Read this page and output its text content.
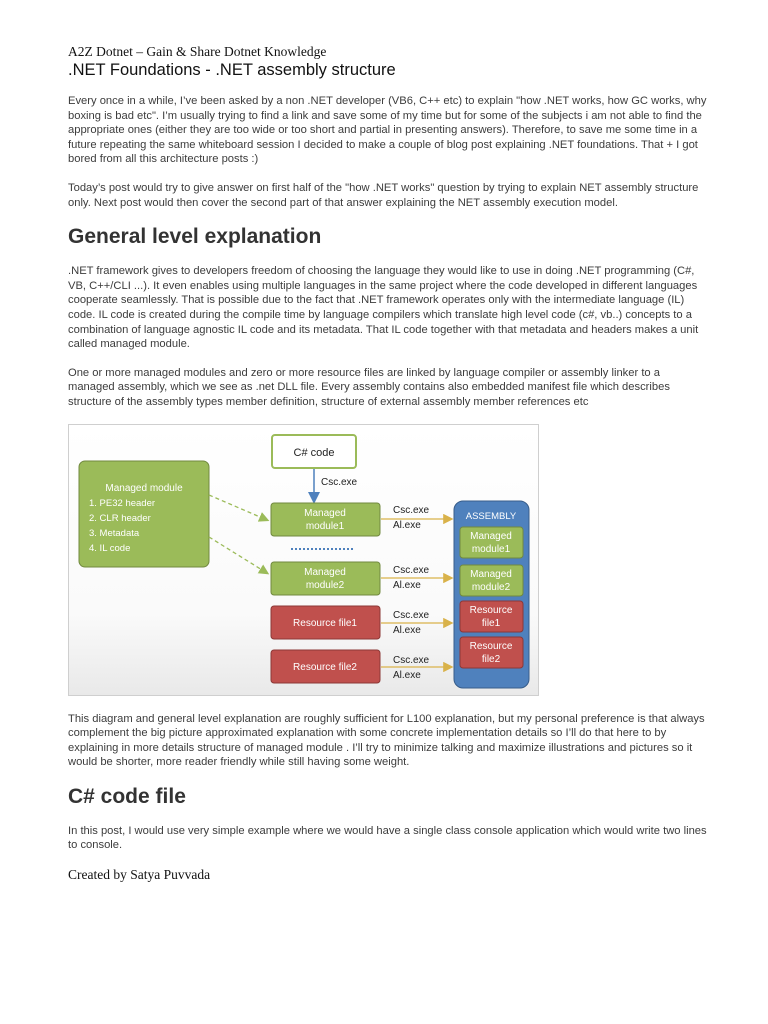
A2Z Dotnet – Gain & Share Dotnet Knowledge

.NET Foundations - .NET assembly structure

Every once in a while, I’ve been asked by a non .NET developer (VB6, C++ etc) to explain "how .NET works, how GC works, why boxing is bad etc". I’m usually trying to find a link and save some of my time but for some of the subjects i am not able to find the appropriate ones (either they are too wide or too short and partial in presenting answers). Therefore, to save me some time in a future repeating the same whiteboard session I decided to make a couple of blog post explaining .NET foundations. That + I got bored from all this architecture posts :)

Today’s post would try to give answer on first half of the "how .NET works" question by trying to explain NET assembly structure only. Next post would then cover the second part of that answer explaining the NET assembly execution model.

General level explanation

.NET framework gives to developers freedom of choosing the language they would like to use in doing .NET programming (C#, VB, C++/CLI ...). It even enables using multiple languages in the same project where the code developed in different languages cooperate seamlessly. That is possible due to the fact that .NET framework operates only with the intermediate language (IL) code. IL code is created during the compile time by language compilers which translate high level code (c#, vb..) concepts to a combination of language agnostic IL code and its metadata. That IL code together with that metadata and headers makes a unit called managed module.

One or more managed modules and zero or more resource files are linked by language compiler or assembly linker to a managed assembly, which we see as .net DLL file. Every assembly contains also embedded manifest file which describes structure of the assembly types member definition, structure of external assembly member references etc

C# code
Csc.exe
Managed module
1. PE32 header
2. CLR header
3. Metadata
4. IL code
Managed
module1
Managed
module2
Resource file1
Resource file2
Csc.exe
Al.exe
Csc.exe
Al.exe
Csc.exe
Al.exe
Csc.exe
Al.exe
ASSEMBLY
Managed
module1
Managed
module2
Resource
file1
Resource
file2

This diagram and general level explanation are roughly sufficient for L100 explanation, but my personal preference is that always complement the big picture approximated explanation with some concrete implementation details so I’ll do that here to by explaining in more details structure of managed module . I’ll try to minimize talking and maximize illustrations and pictures so it would be shorter, more reader friendly while still having some weight.

C# code file

In this post, I would use very simple example where we would have a single class console application which would write two lines to console.

Created by Satya Puvvada
